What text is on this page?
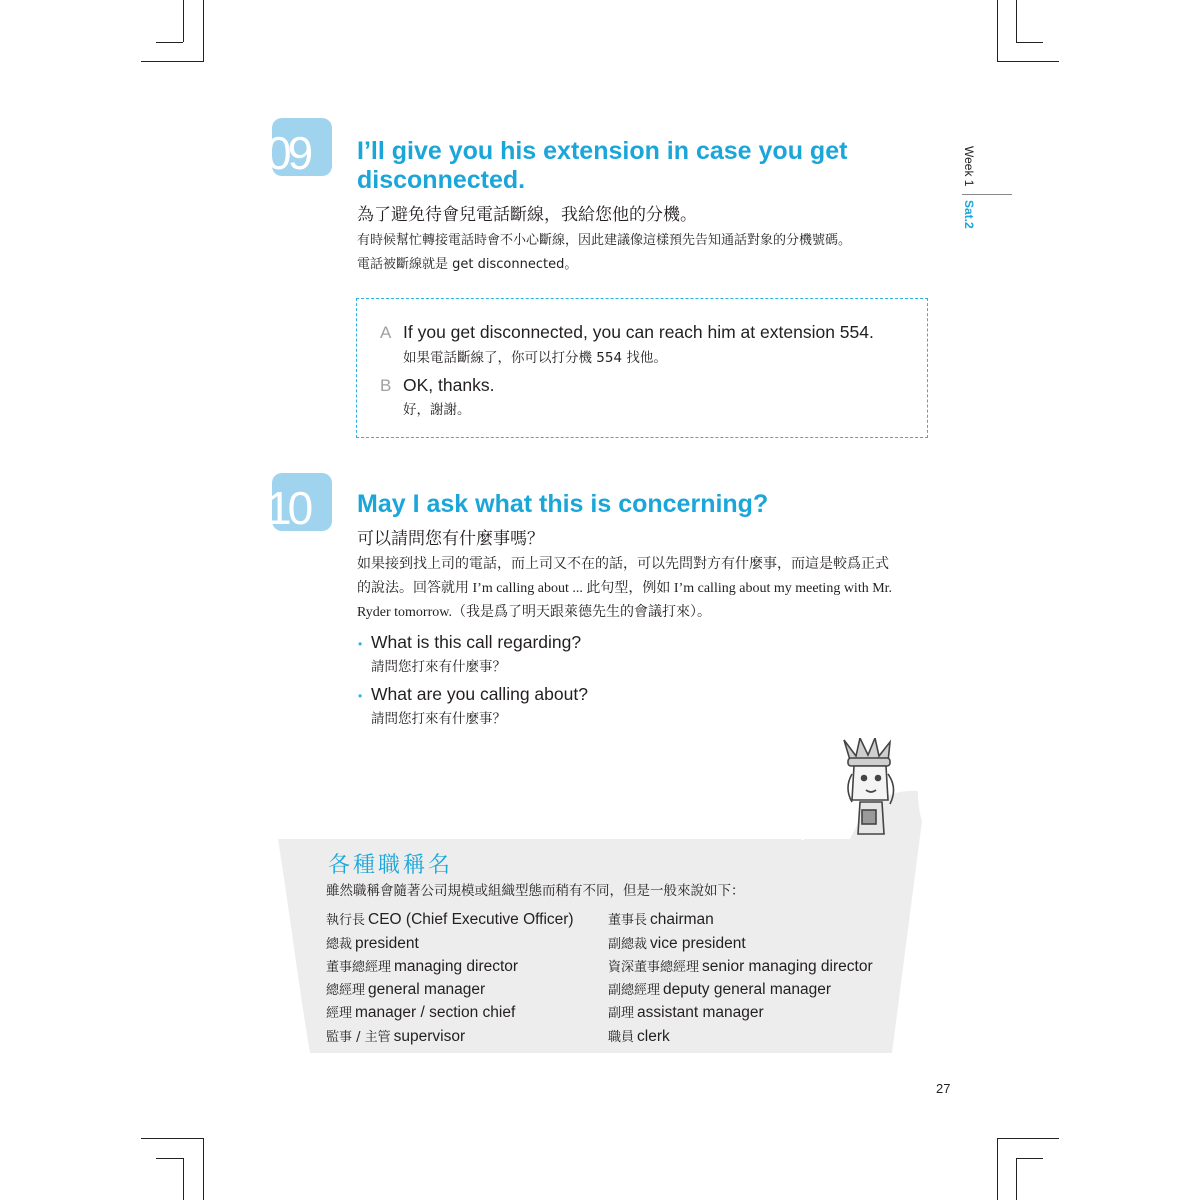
Week 1
Sat.2
09 I’ll give you his extension in case you get
disconnected.
為了避免待會兒電話斷線，我給您他的分機。
有時候幫忙轉接電話時會不小心斷線，因此建議像這樣預先告知通話對象的分機號碼。
電話被斷線就是 get disconnected。
A If you get disconnected, you can reach him at extension 554.
如果電話斷線了，你可以打分機 554 找他。
B OK, thanks.
好，謝謝。
10 May I ask what this is concerning?
可以請問您有什麼事嗎？
如果接到找上司的電話，而上司又不在的話，可以先問對方有什麼事，而這是較爲正式
的說法。回答就用 I’m calling about ... 此句型，例如 I’m calling about my meeting with Mr.
Ryder tomorrow.（我是爲了明天跟萊德先生的會議打來）。
• What is this call regarding?
請問您打來有什麼事？
• What are you calling about?
請問您打來有什麼事？
各種職稱名
雖然職稱會隨著公司規模或組織型態而稍有不同，但是一般來說如下：
執行長 CEO (Chief Executive Officer)
總裁 president
董事總經理 managing director
總經理 general manager
經理 manager / section chief
監事 / 主管 supervisor
董事長 chairman
副總裁 vice president
資深董事總經理 senior managing director
副總經理 deputy general manager
副理 assistant manager
職員 clerk
27
